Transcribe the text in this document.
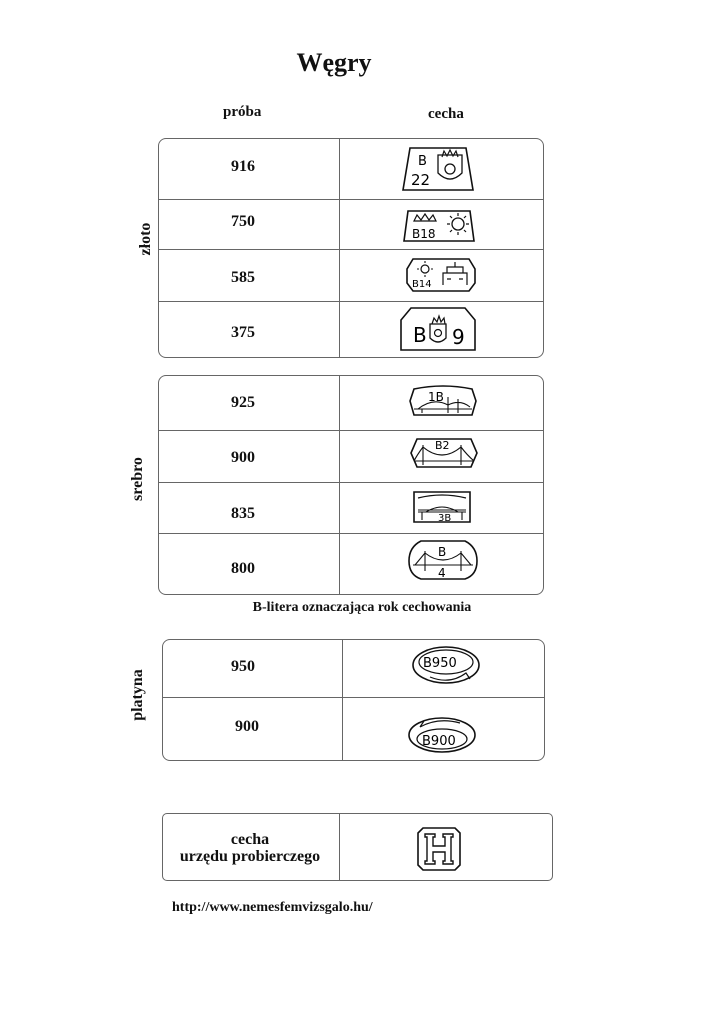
Węgry
próba	cecha
złoto
916
750
585
375
B
22
B18
B14
B 9
srebro
925
900
835
800
1B
B2
3B
B
4
B-litera oznaczająca rok cechowania
platyna
950
900
B950
B900
cecha
urzędu probierczego
http://www.nemesfemvizsgalo.hu/
